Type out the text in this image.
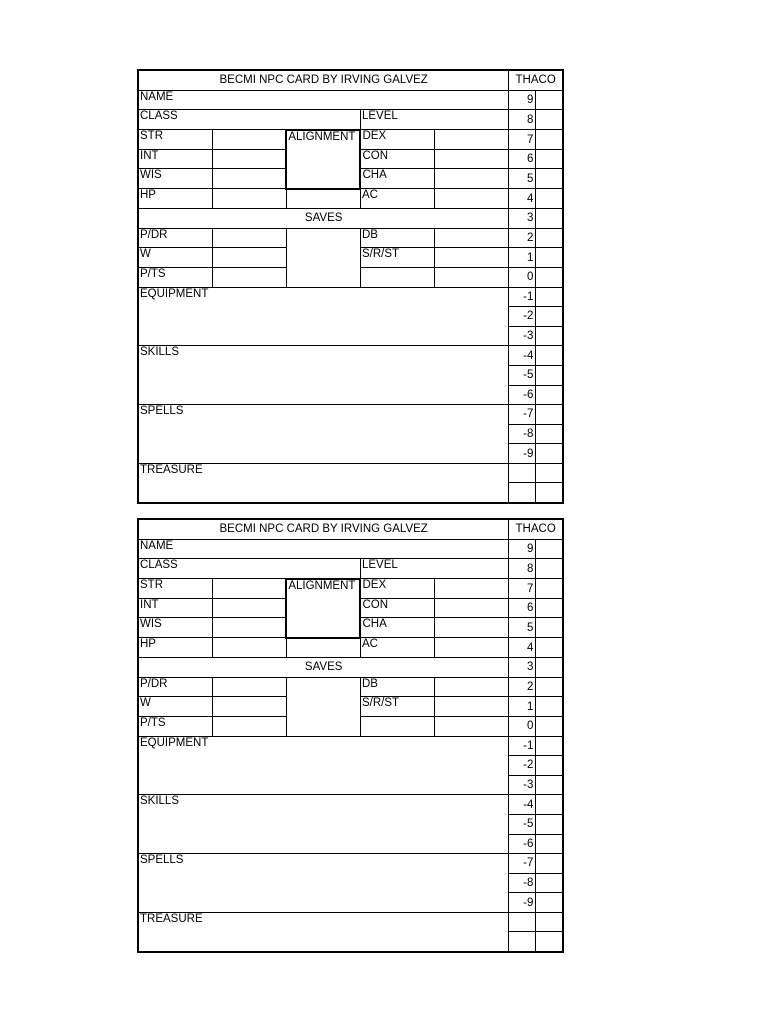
BECMI NPC CARD BY IRVING GALVEZ					THACO	
NAME					9	
CLASS			LEVEL		8	
STR		ALIGNMENT	DEX		7	
INT			CON		6	
WIS			CHA		5	
HP			AC		4	
SAVES					3	
P/DR			DB		2	
W			S/R/ST		1	
P/TS					0	
EQUIPMENT					-1	
					-2	
					-3	
SKILLS					-4	
					-5	
					-6	
SPELLS					-7	
					-8	
					-9	
TREASURE						

BECMI NPC CARD BY IRVING GALVEZ					THACO	
NAME					9	
CLASS			LEVEL		8	
STR		ALIGNMENT	DEX		7	
INT			CON		6	
WIS			CHA		5	
HP			AC		4	
SAVES					3	
P/DR			DB		2	
W			S/R/ST		1	
P/TS					0	
EQUIPMENT					-1	
					-2	
					-3	
SKILLS					-4	
					-5	
					-6	
SPELLS					-7	
					-8	
					-9	
TREASURE						
